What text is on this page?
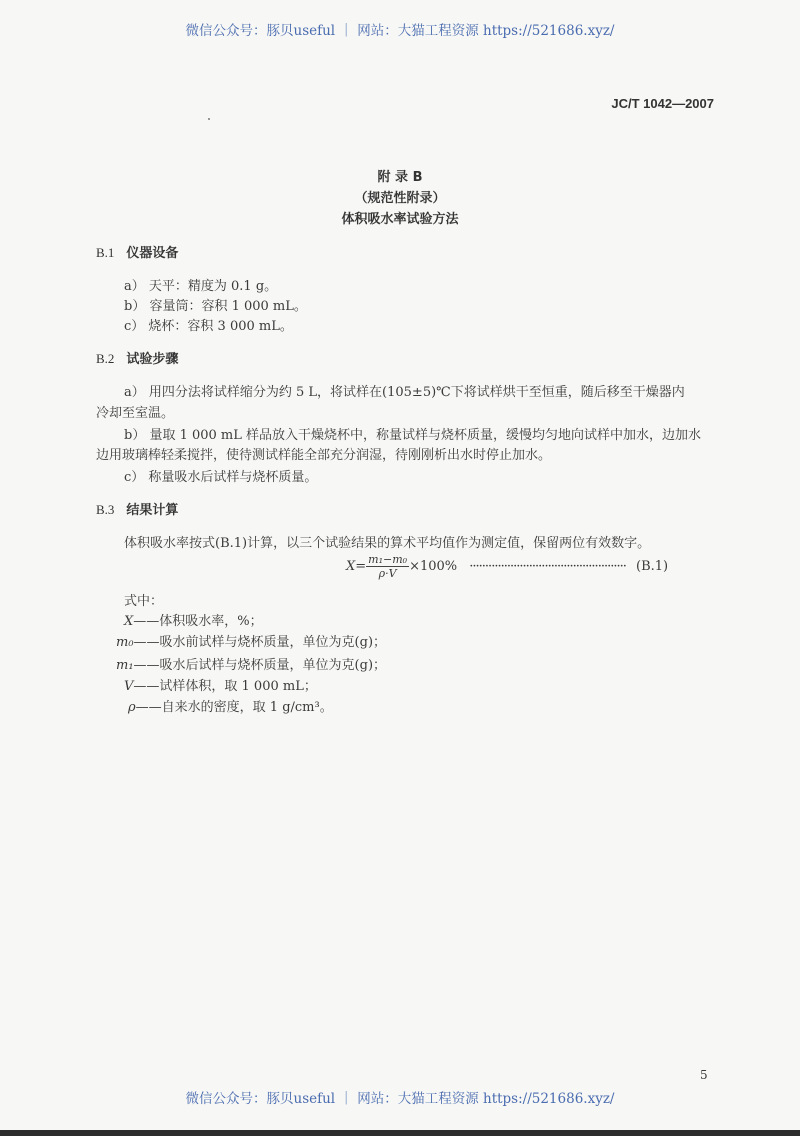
微信公众号：豚贝useful ｜ 网站：大猫工程资源 https://521686.xyz/
JC/T 1042—2007
附 录 B
（规范性附录）
体积吸水率试验方法
B.1 仪器设备
a） 天平：精度为 0.1 g。
b） 容量筒：容积 1 000 mL。
c） 烧杯：容积 3 000 mL。
B.2 试验步骤
a） 用四分法将试样缩分为约 5 L，将试样在(105±5)℃下将试样烘干至恒重，随后移至干燥器内
冷却至室温。
b） 量取 1 000 mL 样品放入干燥烧杯中，称量试样与烧杯质量，缓慢均匀地向试样中加水，边加水
边用玻璃棒轻柔搅拌，使待测试样能全部充分润湿，待刚刚析出水时停止加水。
c） 称量吸水后试样与烧杯质量。
B.3 结果计算
体积吸水率按式(B.1)计算，以三个试验结果的算术平均值作为测定值，保留两位有效数字。
$X= \frac{\text{m₁−m₀}}{\rho\cdot V} \times 100\%$ ·················································· (B.1)
式中：
X——体积吸水率，%；
m₀——吸水前试样与烧杯质量，单位为克(g)；
m₁——吸水后试样与烧杯质量，单位为克(g)；
V——试样体积，取 1 000 mL；
ρ——自来水的密度，取 1 g/cm³。
5
微信公众号：豚贝useful ｜ 网站：大猫工程资源 https://521686.xyz/
